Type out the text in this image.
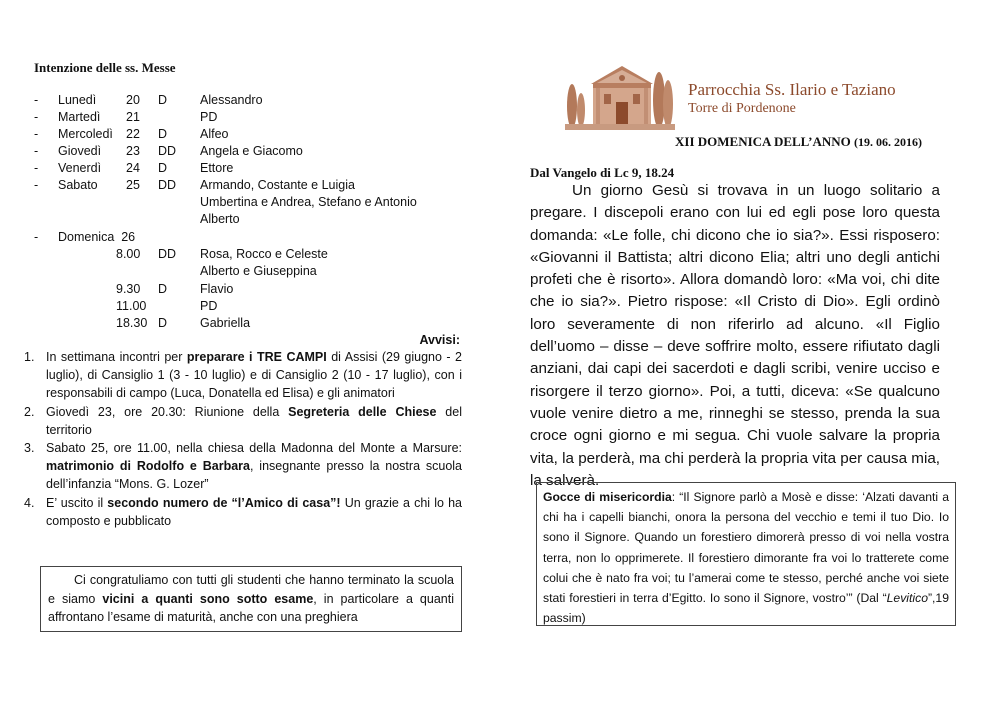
Intenzione delle ss. Messe
- Lunedì 20 D	Alessandro
- Martedì 21	PD
- Mercoledì 22 D	Alfeo
- Giovedì 23 DD Angela e Giacomo
- Venerdì 24 D	Ettore
- Sabato 25 DD Armando, Costante e Luigia
Umbertina e Andrea, Stefano e Antonio
Alberto
- Domenica  26
8.00 DD Rosa, Rocco e Celeste
Alberto e Giuseppina
9.30 D	Flavio
11.00	PD
18.30 D	Gabriella
Avvisi:
1. In settimana incontri per preparare i TRE CAMPI di Assisi (29 giugno - 2 luglio), di Cansiglio 1 (3 - 10 luglio) e di Cansiglio 2 (10 - 17 luglio), con i responsabili di campo (Luca, Donatella ed Elisa) e gli animatori
2. Giovedì 23, ore 20.30: Riunione della Segreteria delle Chiese del territorio
3. Sabato 25, ore 11.00, nella chiesa della Madonna del Monte a Marsure: matrimonio di Rodolfo e Barbara, insegnante presso la nostra scuola dell’infanzia “Mons. G. Lozer”
4. E’ uscito il secondo numero de “l’Amico di casa”! Un grazie a chi lo ha composto e pubblicato
Ci congratuliamo con tutti gli studenti che hanno terminato la scuola e siamo vicini a quanti sono sotto esame, in particolare a quanti affrontano l’esame di maturità, anche con una preghiera
Parrocchia Ss. Ilario e Taziano
Torre di Pordenone
XII DOMENICA DELL’ANNO (19. 06. 2016)
Dal Vangelo di Lc 9, 18.24
Un giorno Gesù si trovava in un luogo solitario a pregare. I discepoli erano con lui ed egli pose loro questa domanda: «Le folle, chi dicono che io sia?». Essi risposero: «Giovanni il Battista; altri dicono Elia; altri uno degli antichi profeti che è risorto». Allora domandò loro: «Ma voi, chi dite che io sia?». Pietro rispose: «Il Cristo di Dio». Egli ordinò loro severamente di non riferirlo ad alcuno. «Il Figlio dell’uomo – disse – deve soffrire molto, essere rifiutato dagli anziani, dai capi dei sacerdoti e dagli scribi, venire ucciso e risorgere il terzo giorno». Poi, a tutti, diceva: «Se qualcuno vuole venire dietro a me, rinneghi se stesso, prenda la sua croce ogni giorno e mi segua. Chi vuole salvare la propria vita, la perderà, ma chi perderà la propria vita per causa mia, la salverà.
Gocce di misericordia: “Il Signore parlò a Mosè e disse: ‘Alzati davanti a chi ha i capelli bianchi, onora la persona del vecchio e temi il tuo Dio. Io sono il Signore. Quando un forestiero dimorerà presso di voi nella vostra terra, non lo opprimerete. Il forestiero dimorante fra voi lo tratterete come colui che è nato fra voi; tu l’amerai come te stesso, perché anche voi siete stati forestieri in terra d’Egitto. Io sono il Signore, vostro’” (Dal “Levitico”,19 passim)
